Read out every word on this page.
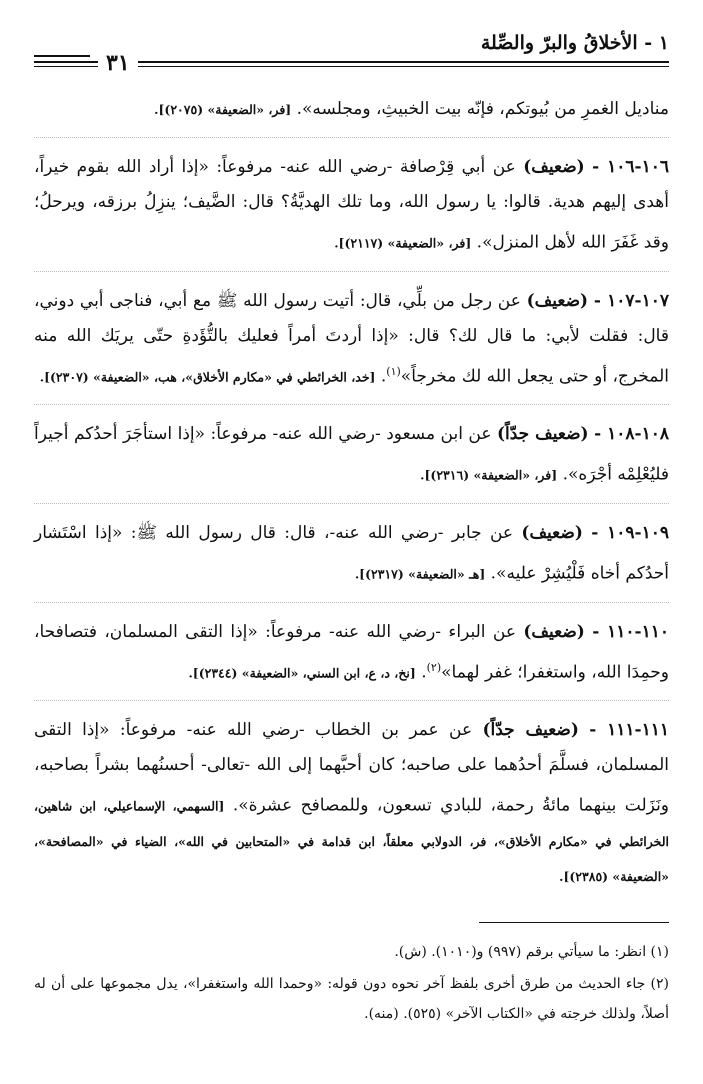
١ - الأخلاقُ والبرّ والصِّلة
٣١

مناديل الغمرِ من بُيوتكم، فإنّه بيت الخبيثِ، ومجلسه». [فر، «الضعيفة» (٢٠٧٥)].

١٠٦-١٠٦ - (ضعيف) عن أبي قِرْصافة -رضي الله عنه- مرفوعاً: «إذا أراد الله بقوم خيراً، أهدى إليهم هدية. قالوا: يا رسول الله، وما تلك الهديَّةُ؟ قال: الضَّيف؛ ينزِلُ برزقه، ويرحلُ؛ وقد غَفَرَ الله لأهل المنزل». [فر، «الضعيفة» (٢١١٧)].

١٠٧-١٠٧ - (ضعيف) عن رجل من بلِّي، قال: أتيت رسول الله ﷺ مع أبي، فناجى أبي دوني، قال: فقلت لأبي: ما قال لك؟ قال: «إذا أردتَ أمراً فعليك بالتُّؤَدةِ حتّى يريَك الله منه المخرج، أو حتى يجعل الله لك مخرجاً»$^{(١)}$. [خد، الخرائطي في «مكارم الأخلاق»، هب، «الضعيفة» (٢٣٠٧)].

١٠٨-١٠٨ - (ضعيف جدّاً) عن ابن مسعود -رضي الله عنه- مرفوعاً: «إذا استأجَرَ أحدُكم أجيراً فليُعْلِمْه أجْرَه». [فر، «الضعيفة» (٢٣١٦)].

١٠٩-١٠٩ - (ضعيف) عن جابر -رضي الله عنه-، قال: قال رسول الله ﷺ: «إذا اسْتَشار أحدُكم أخاه فَلْيُشِرْ عليه». [هـ «الضعيفة» (٢٣١٧)].

١١٠-١١٠ - (ضعيف) عن البراء -رضي الله عنه- مرفوعاً: «إذا التقى المسلمان، فتصافحا، وحمِدَا الله، واستغفرا؛ غفر لهما»$^{(٢)}$. [نخ، د، ع، ابن السني، «الضعيفة» (٢٣٤٤)].

١١١-١١١ - (ضعيف جدّاً) عن عمر بن الخطاب -رضي الله عنه- مرفوعاً: «إذا التقى المسلمان، فسلَّمَ أحدُهما على صاحبه؛ كان أحبَّهما إلى الله -تعالى- أحسنُهما بشراً بصاحبه، ونَزَلت بينهما مائةُ رحمة، للبادي تسعون، وللمصافح عشرة». [السهمي، الإسماعيلي، ابن شاهين، الخرائطي في «مكارم الأخلاق»، فر، الدولابي معلقاً، ابن قدامة في «المتحابين في الله»، الضياء في «المصافحة»، «الضعيفة» (٢٣٨٥)].

(١) انظر: ما سيأتي برقم (٩٩٧) و(١٠١٠). (ش).

(٢) جاء الحديث من طرق أخرى بلفظ آخر نحوه دون قوله: «وحمدا الله واستغفرا»، يدل مجموعها على أن له أصلاً، ولذلك خرجته في «الكتاب الآخر» (٥٢٥). (منه).
